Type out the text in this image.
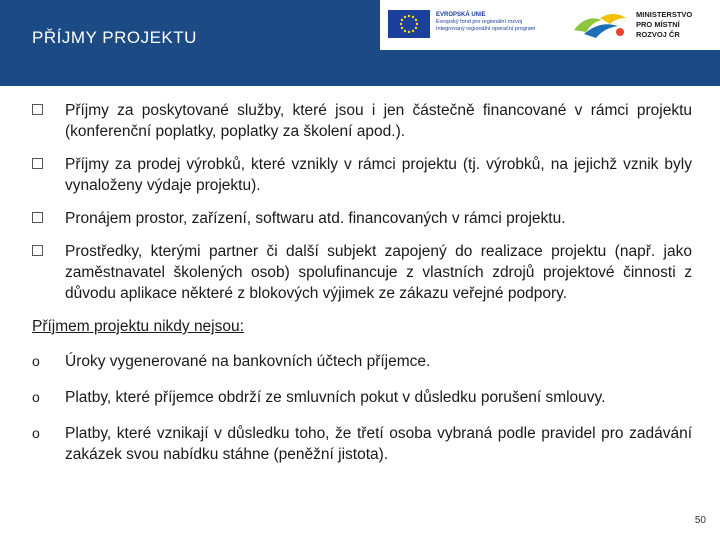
PŘÍJMY PROJEKTU
EVROPSKÁ UNIE
Evropský fond pro regionální rozvoj
Integrovaný regionální operační program
MINISTERSTVO
PRO MÍSTNÍ
ROZVOJ ČR
Příjmy za poskytované služby, které jsou i jen částečně financované v rámci projektu (konferenční poplatky, poplatky za školení apod.).
Příjmy za prodej výrobků, které vznikly v rámci projektu (tj. výrobků, na jejichž vznik byly vynaloženy výdaje projektu).
Pronájem prostor, zařízení, softwaru atd. financovaných v rámci projektu.
Prostředky, kterými partner či další subjekt zapojený do realizace projektu (např. jako zaměstnavatel školených osob) spolufinancuje z vlastních zdrojů projektové činnosti z důvodu aplikace některé z blokových výjimek ze zákazu veřejné podpory.
Příjmem projektu nikdy nejsou:
o Úroky vygenerované na bankovních účtech příjemce.
o Platby, které příjemce obdrží ze smluvních pokut v důsledku porušení smlouvy.
o Platby, které vznikají v důsledku toho, že třetí osoba vybraná podle pravidel pro zadávání zakázek svou nabídku stáhne (peněžní jistota).
50
